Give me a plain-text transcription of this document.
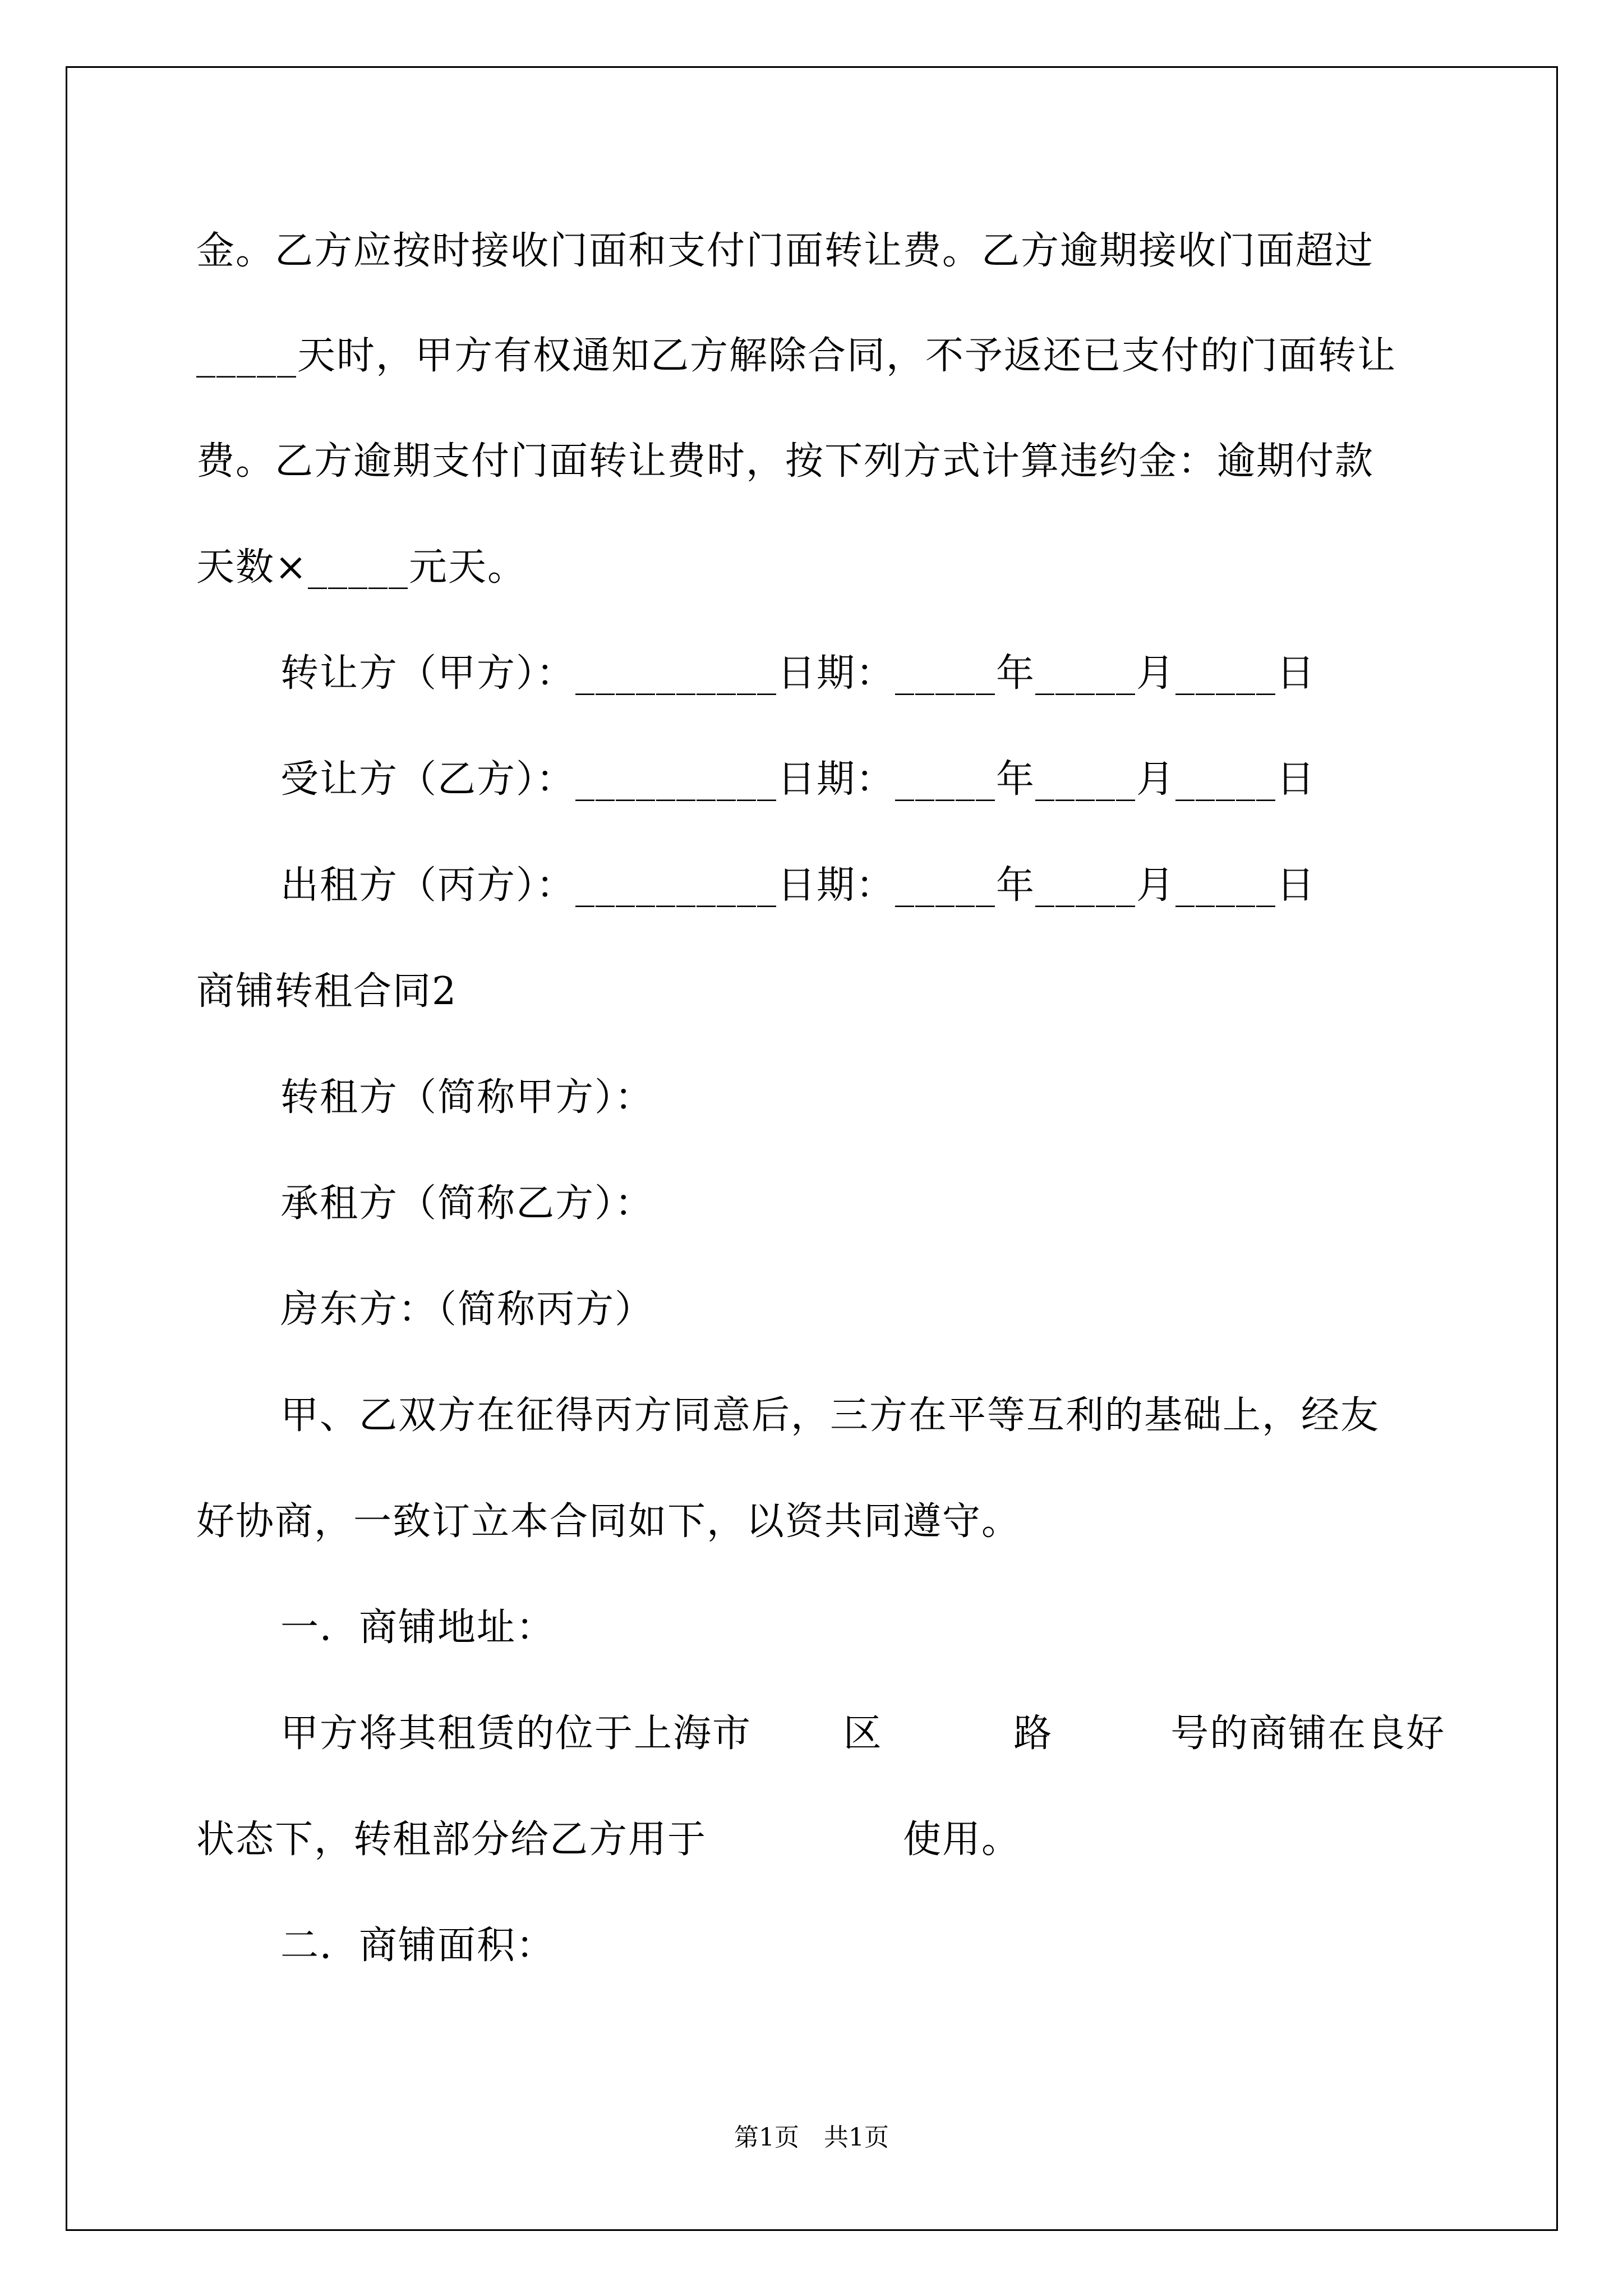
金。乙方应按时接收门面和支付门面转让费。乙方逾期接收门面超过
_____天时，甲方有权通知乙方解除合同，不予返还已支付的门面转让
费。乙方逾期支付门面转让费时，按下列方式计算违约金：逾期付款
天数×_____元天。
转让方（甲方）：__________日期：_____年_____月_____日
受让方（乙方）：__________日期：_____年_____月_____日
出租方（丙方）：__________日期：_____年_____月_____日
商铺转租合同2
转租方（简称甲方）：
承租方（简称乙方）：
房东方：（简称丙方）
甲、乙双方在征得丙方同意后，三方在平等互利的基础上，经友
好协商，一致订立本合同如下，以资共同遵守。
一．商铺地址：
甲方将其租赁的位于上海市　　 区　　　 路　　　号的商铺在良好
状态下，转租部分给乙方用于　　　　　使用。
二．商铺面积：
第1页　共1页
